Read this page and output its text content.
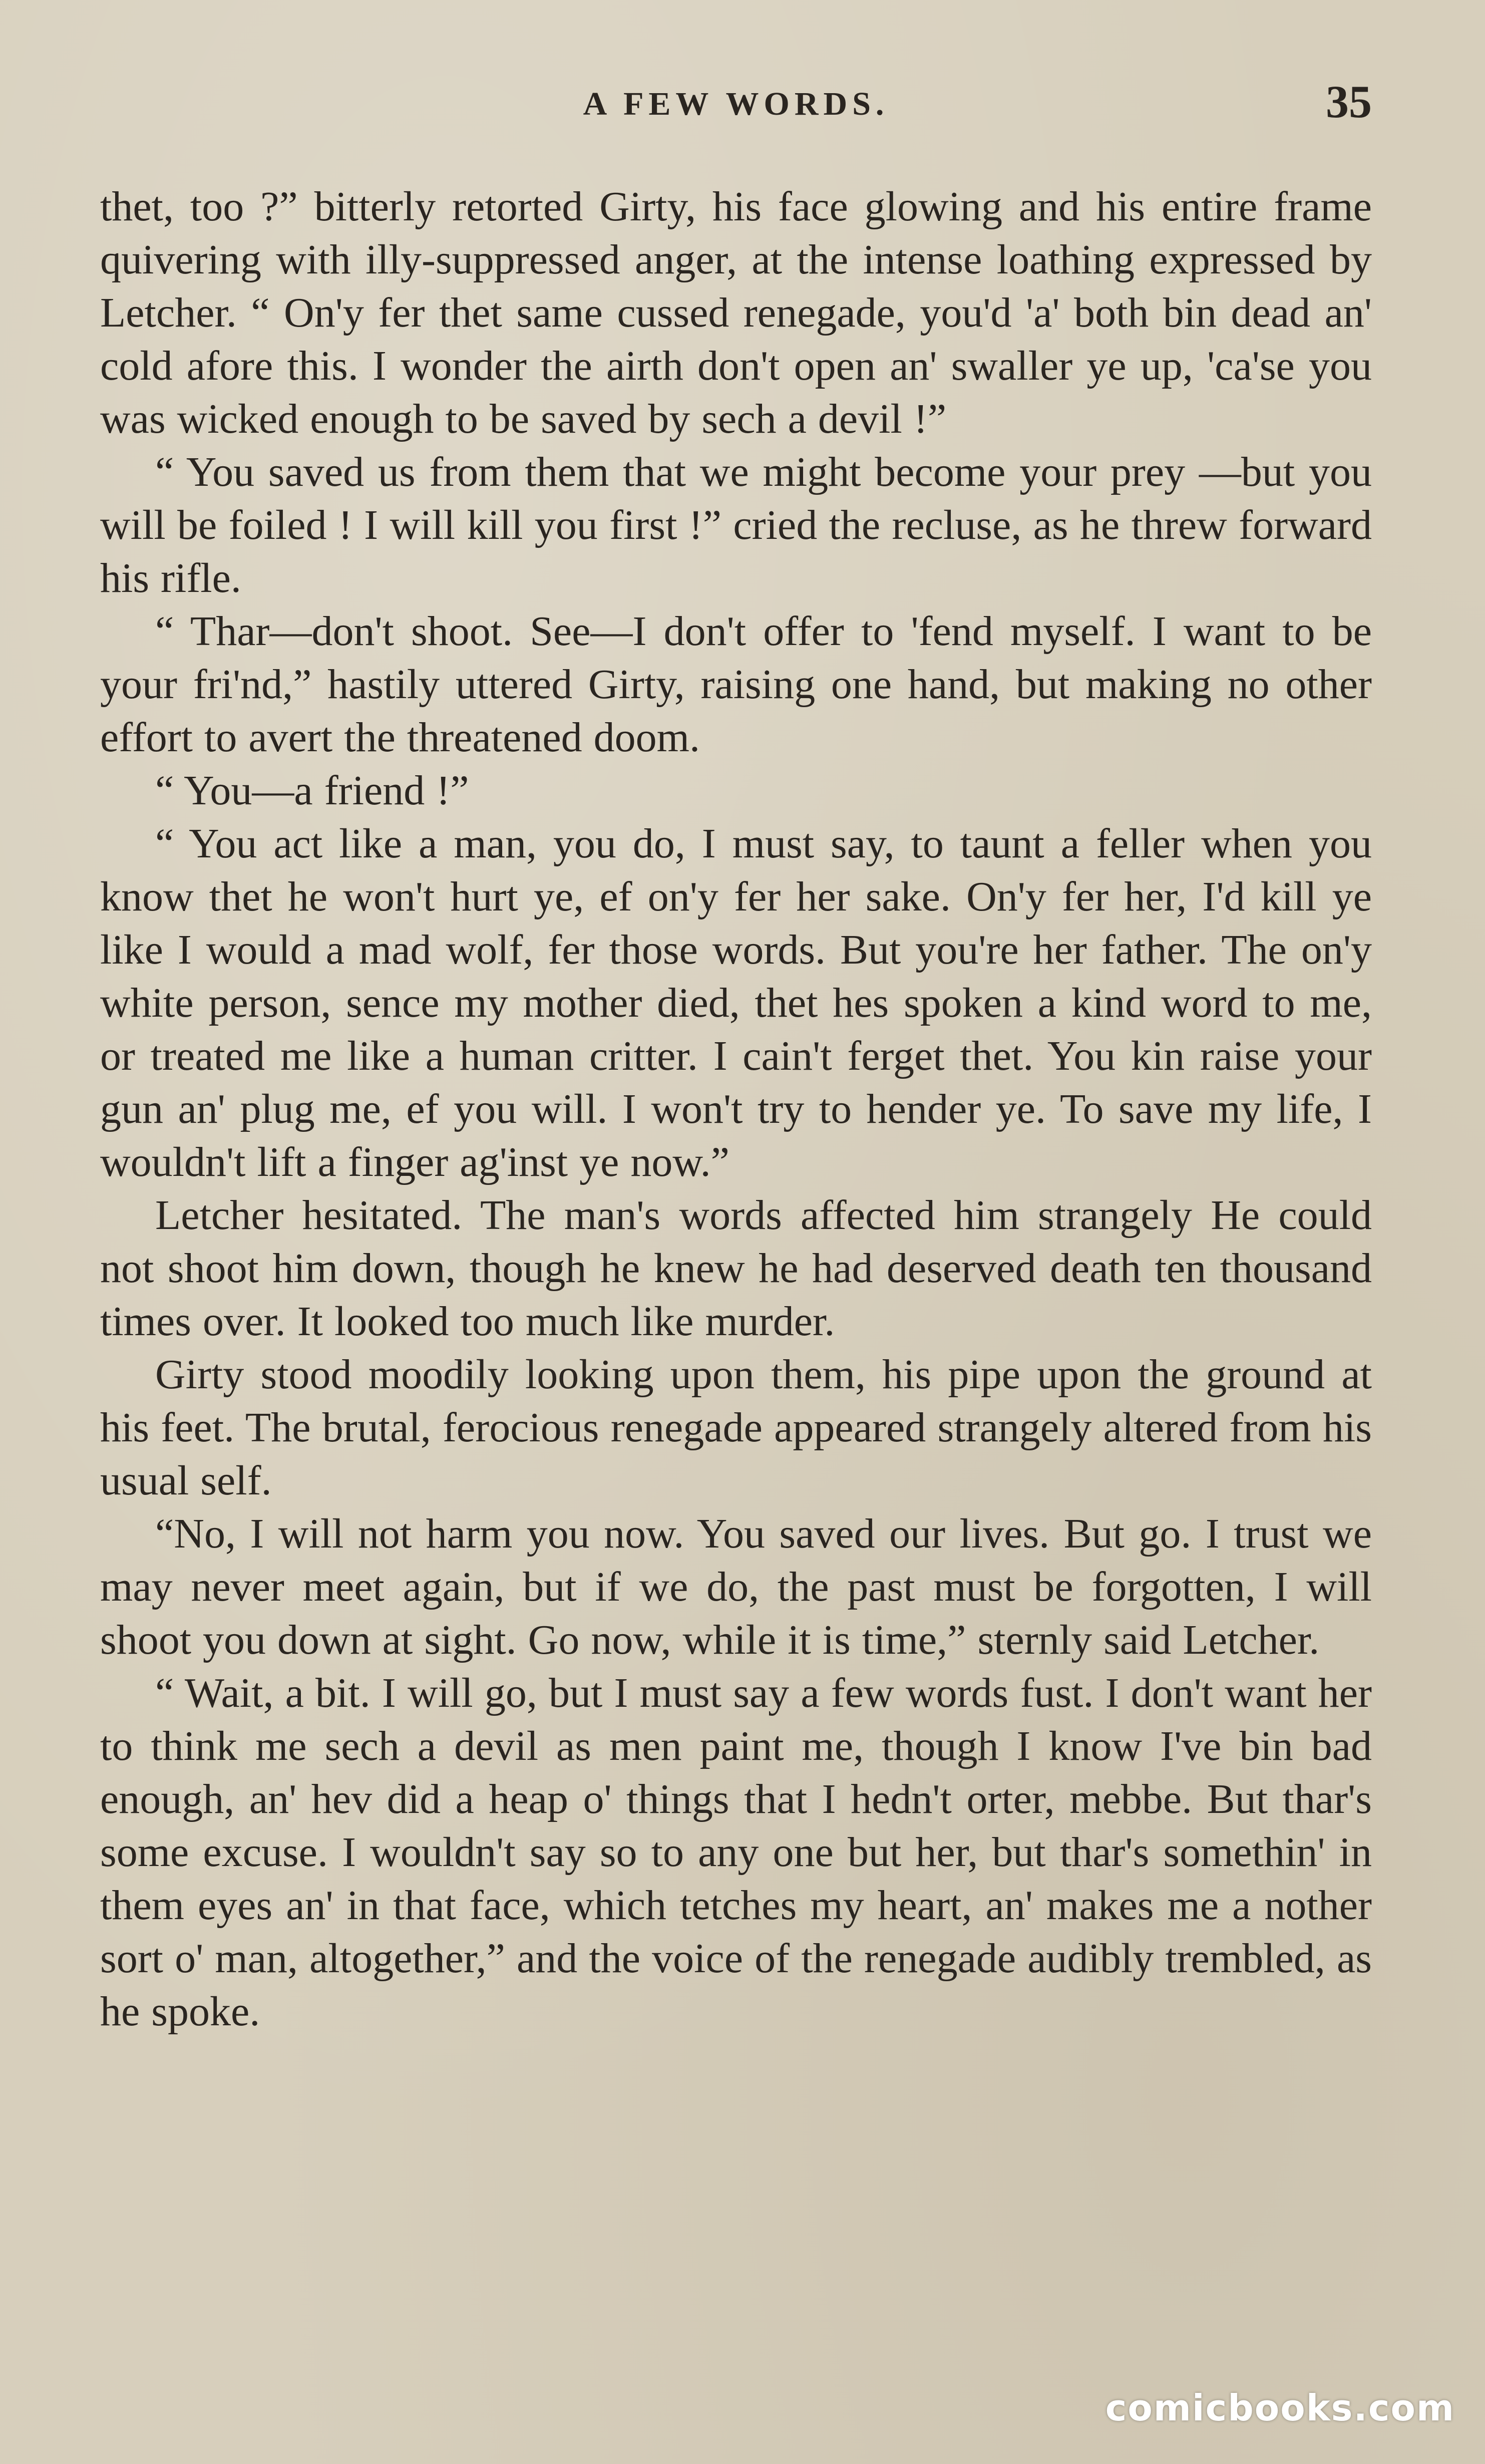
A FEW WORDS.	35

thet, too ?” bitterly retorted Girty, his face glowing and his entire frame quivering with illy-suppressed anger, at the intense loathing expressed by Letcher. “ On'y fer thet same cussed renegade, you'd 'a' both bin dead an' cold afore this. I wonder the airth don't open an' swaller ye up, 'ca'se you was wicked enough to be saved by sech a devil !”

“ You saved us from them that we might become your prey —but you will be foiled ! I will kill you first !” cried the recluse, as he threw forward his rifle.

“ Thar—don't shoot. See—I don't offer to 'fend myself. I want to be your fri'nd,” hastily uttered Girty, raising one hand, but making no other effort to avert the threatened doom.

“ You—a friend !”

“ You act like a man, you do, I must say, to taunt a feller when you know thet he won't hurt ye, ef on'y fer her sake. On'y fer her, I'd kill ye like I would a mad wolf, fer those words. But you're her father. The on'y white person, sence my mother died, thet hes spoken a kind word to me, or treated me like a human critter. I cain't ferget thet. You kin raise your gun an' plug me, ef you will. I won't try to hender ye. To save my life, I wouldn't lift a finger ag'inst ye now.”

Letcher hesitated. The man's words affected him strangely He could not shoot him down, though he knew he had deserved death ten thousand times over. It looked too much like murder.

Girty stood moodily looking upon them, his pipe upon the ground at his feet. The brutal, ferocious renegade appeared strangely altered from his usual self.

“No, I will not harm you now. You saved our lives. But go. I trust we may never meet again, but if we do, the past must be forgotten, I will shoot you down at sight. Go now, while it is time,” sternly said Letcher.

“ Wait, a bit. I will go, but I must say a few words fust. I don't want her to think me sech a devil as men paint me, though I know I've bin bad enough, an' hev did a heap o' things that I hedn't orter, mebbe. But thar's some excuse. I wouldn't say so to any one but her, but thar's somethin' in them eyes an' in that face, which tetches my heart, an' makes me a nother sort o' man, altogether,” and the voice of the renegade audibly trembled, as he spoke.

comicbooks.com
